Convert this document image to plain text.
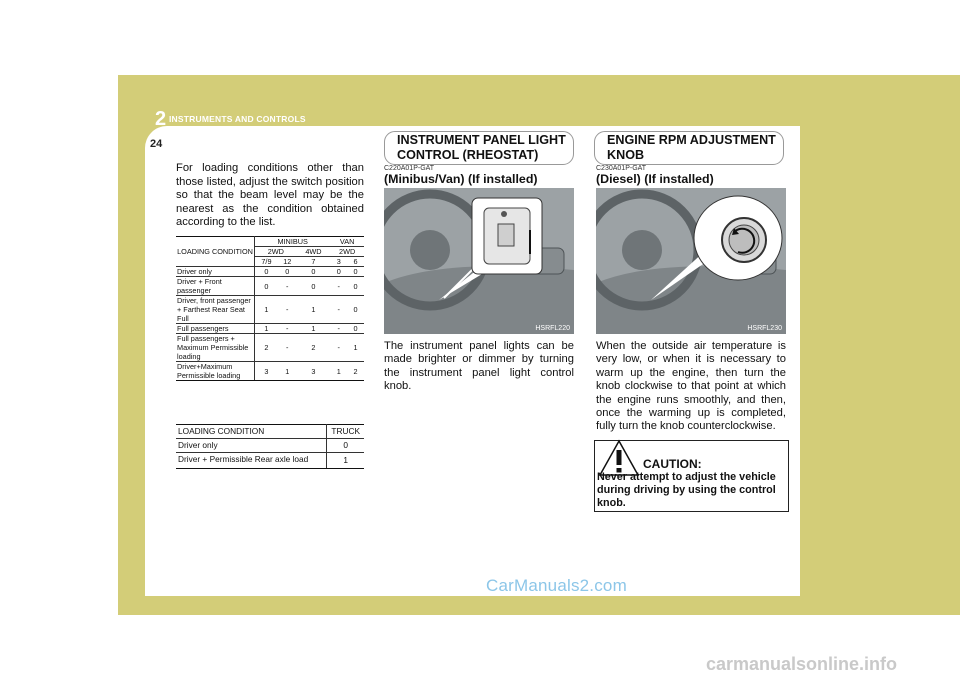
2 INSTRUMENTS AND CONTROLS
24
For loading conditions other than those listed, adjust the switch position so that the beam level may be the nearest as the condition obtained according to the list.
LOADING CONDITION	MINIBUS			VAN	
	2WD		4WD	2WD	
	7/9	12	7	3	6
Driver only	0	0	0	0	0
Driver + Front passenger	0	-	0	-	0
Driver, front passenger + Farthest Rear Seat Full	1	-	1	-	0
Full passengers	1	-	1	-	0
Full passengers + Maximum Permissible loading	2	-	2	-	1
Driver+Maximum Permissible loading	3	1	3	1	2
LOADING CONDITION	TRUCK
Driver only	0
Driver + Permissible Rear axle load	1
INSTRUMENT PANEL LIGHT CONTROL (RHEOSTAT)
C220A01P-GAT
(Minibus/Van) (If installed)
HSRFL220
The instrument panel lights can be made brighter or dimmer by turning the instrument panel light control knob.
ENGINE RPM ADJUSTMENT KNOB
C230A01P-GAT
(Diesel) (If installed)
HSRFL230
When the outside air temperature is very low, or when it is necessary to warm up the engine, then turn the knob clockwise to that point at which the engine runs smoothly, and then, once the warming up is completed, fully turn the knob counterclockwise.
CAUTION:
Never attempt to adjust the vehicle during driving by using the control knob.
CarManuals2.com
carmanualsonline.info
